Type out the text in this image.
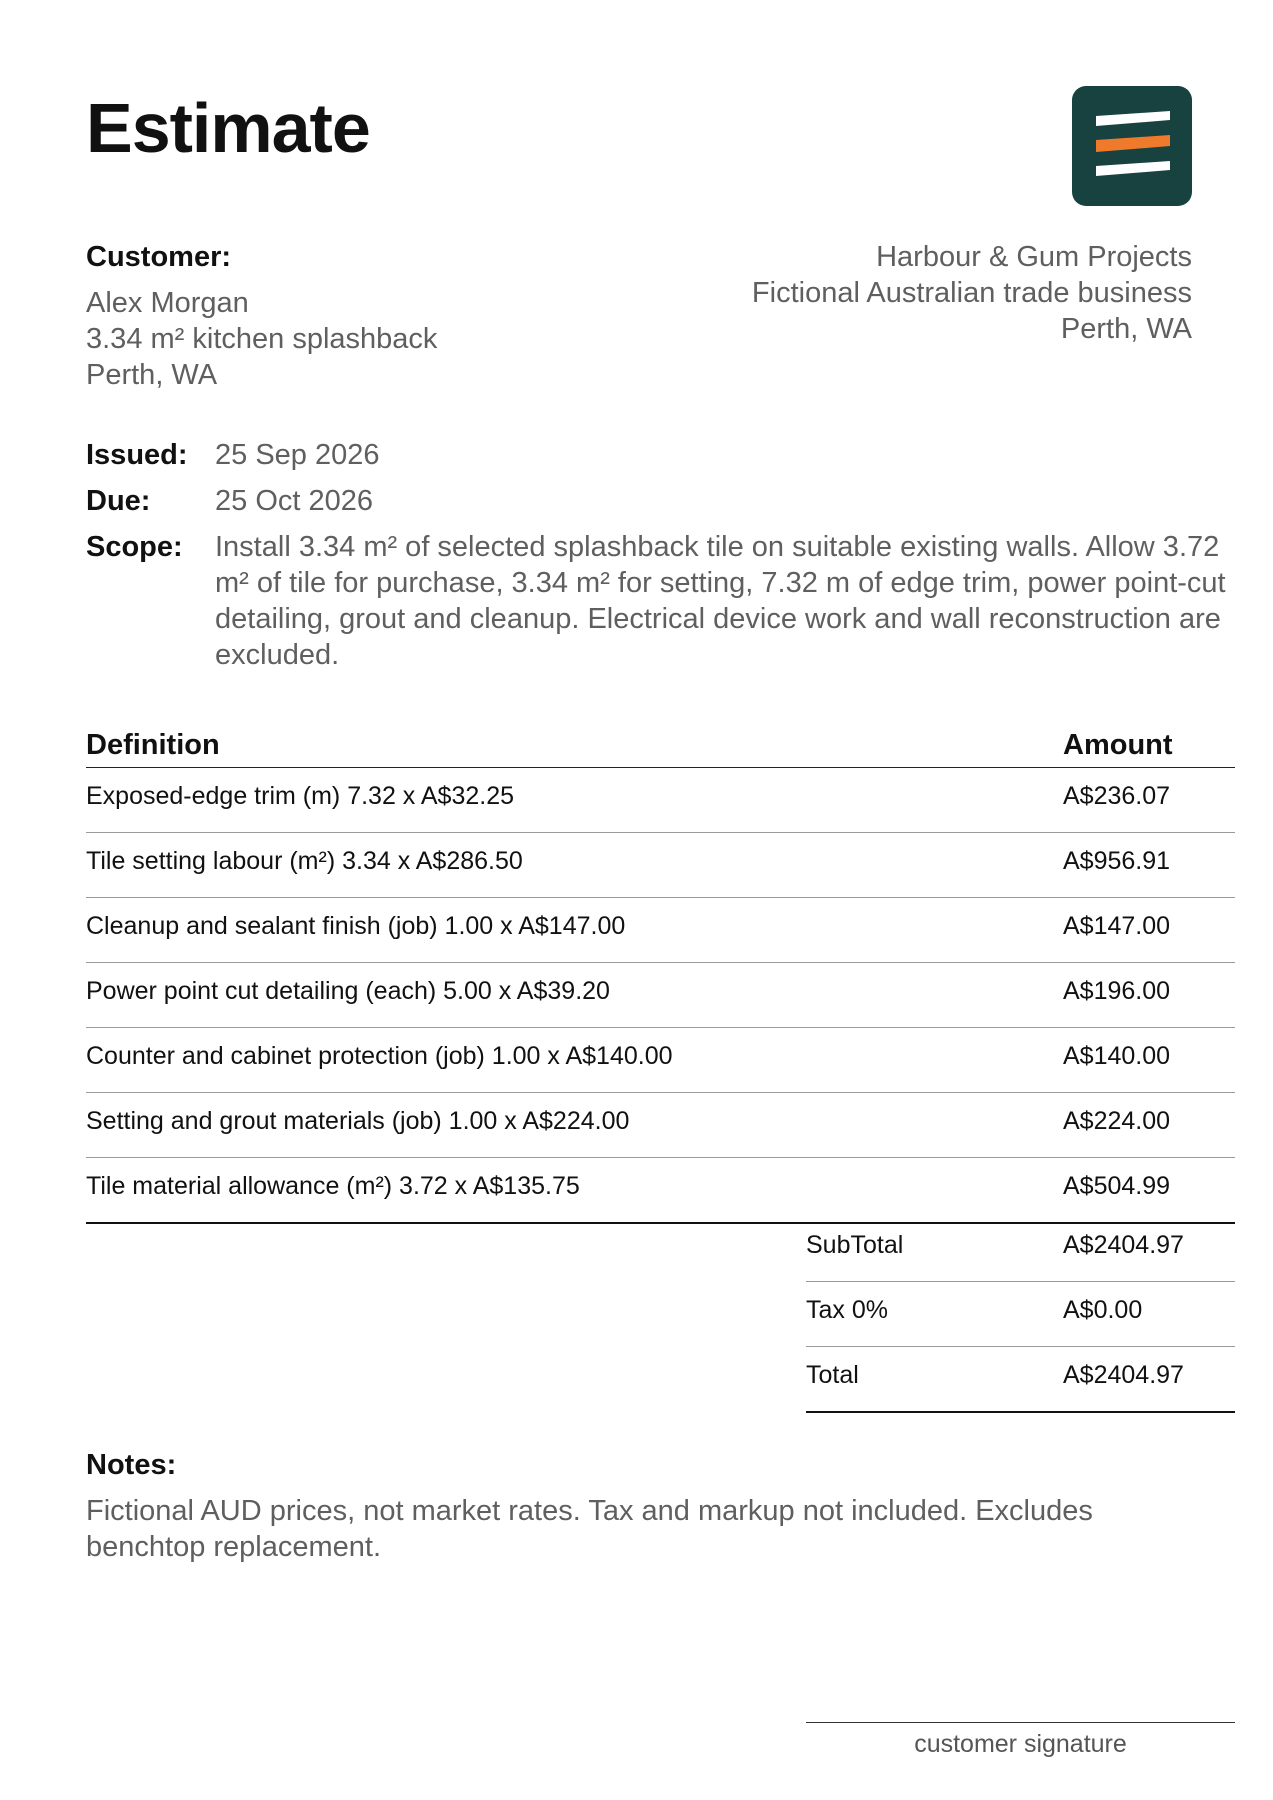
Estimate
Customer:
Alex Morgan
3.34 m² kitchen splashback
Perth, WA
Harbour & Gum Projects
Fictional Australian trade business
Perth, WA
Issued: 25 Sep 2026
Due: 25 Oct 2026
Scope: Install 3.34 m² of selected splashback tile on suitable existing walls. Allow 3.72 m² of tile for purchase, 3.34 m² for setting, 7.32 m of edge trim, power point-cut detailing, grout and cleanup. Electrical device work and wall reconstruction are excluded.
Definition	Amount
Exposed-edge trim (m) 7.32 x A$32.25	A$236.07
Tile setting labour (m²) 3.34 x A$286.50	A$956.91
Cleanup and sealant finish (job) 1.00 x A$147.00	A$147.00
Power point cut detailing (each) 5.00 x A$39.20	A$196.00
Counter and cabinet protection (job) 1.00 x A$140.00	A$140.00
Setting and grout materials (job) 1.00 x A$224.00	A$224.00
Tile material allowance (m²) 3.72 x A$135.75	A$504.99
SubTotal	A$2404.97
Tax 0%	A$0.00
Total	A$2404.97
Notes:
Fictional AUD prices, not market rates. Tax and markup not included. Excludes benchtop replacement.
customer signature
